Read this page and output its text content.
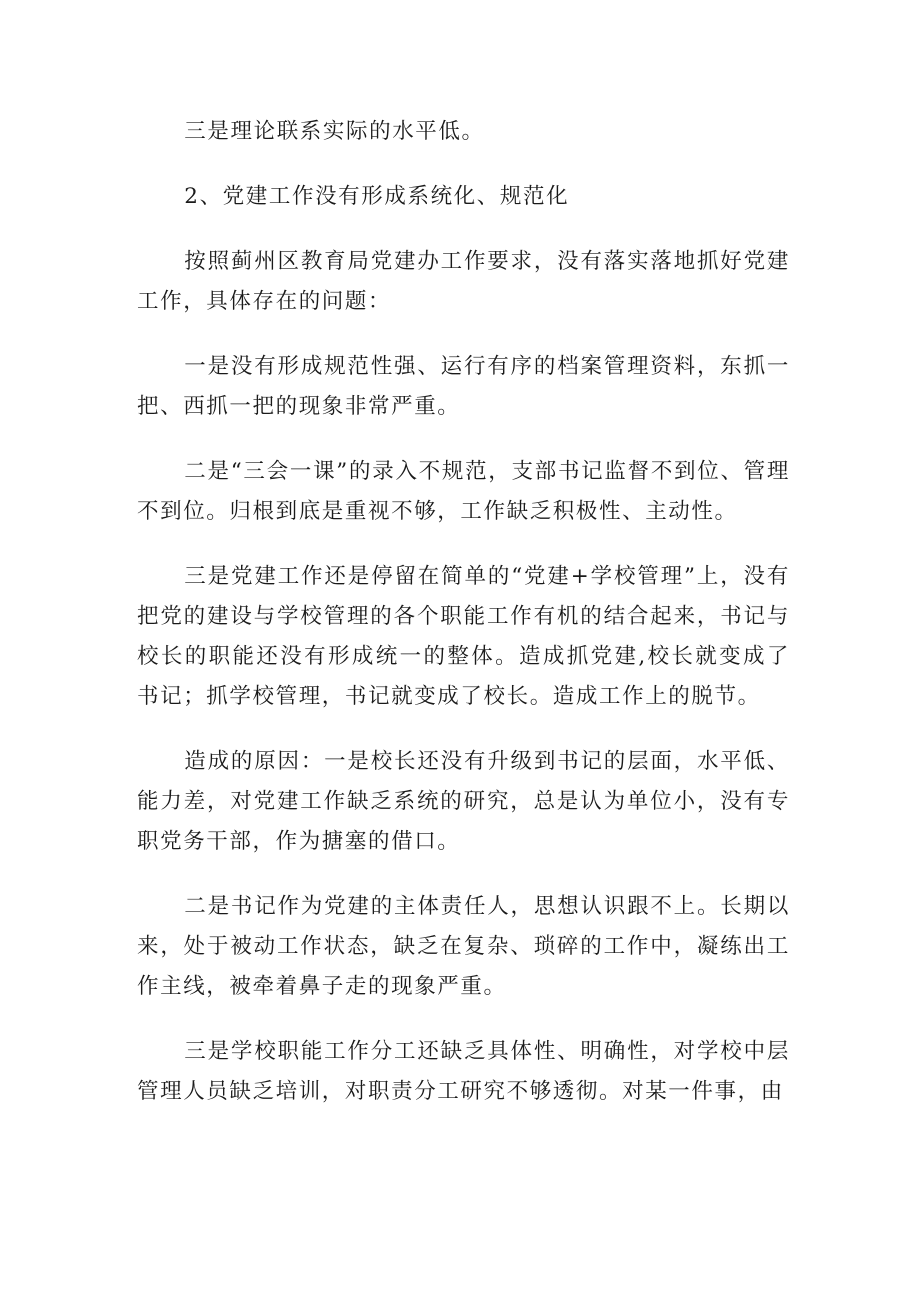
三是理论联系实际的水平低。

2、党建工作没有形成系统化、规范化

按照蓟州区教育局党建办工作要求，没有落实落地抓好党建工作，具体存在的问题：

一是没有形成规范性强、运行有序的档案管理资料，东抓一把、西抓一把的现象非常严重。

二是“三会一课”的录入不规范，支部书记监督不到位、管理不到位。归根到底是重视不够，工作缺乏积极性、主动性。

三是党建工作还是停留在简单的“党建+学校管理”上，没有把党的建设与学校管理的各个职能工作有机的结合起来，书记与校长的职能还没有形成统一的整体。造成抓党建,校长就变成了书记；抓学校管理，书记就变成了校长。造成工作上的脱节。

造成的原因：一是校长还没有升级到书记的层面，水平低、能力差，对党建工作缺乏系统的研究，总是认为单位小，没有专职党务干部，作为搪塞的借口。

二是书记作为党建的主体责任人，思想认识跟不上。长期以来，处于被动工作状态，缺乏在复杂、琐碎的工作中，凝练出工作主线，被牵着鼻子走的现象严重。

三是学校职能工作分工还缺乏具体性、明确性，对学校中层管理人员缺乏培训，对职责分工研究不够透彻。对某一件事，由
